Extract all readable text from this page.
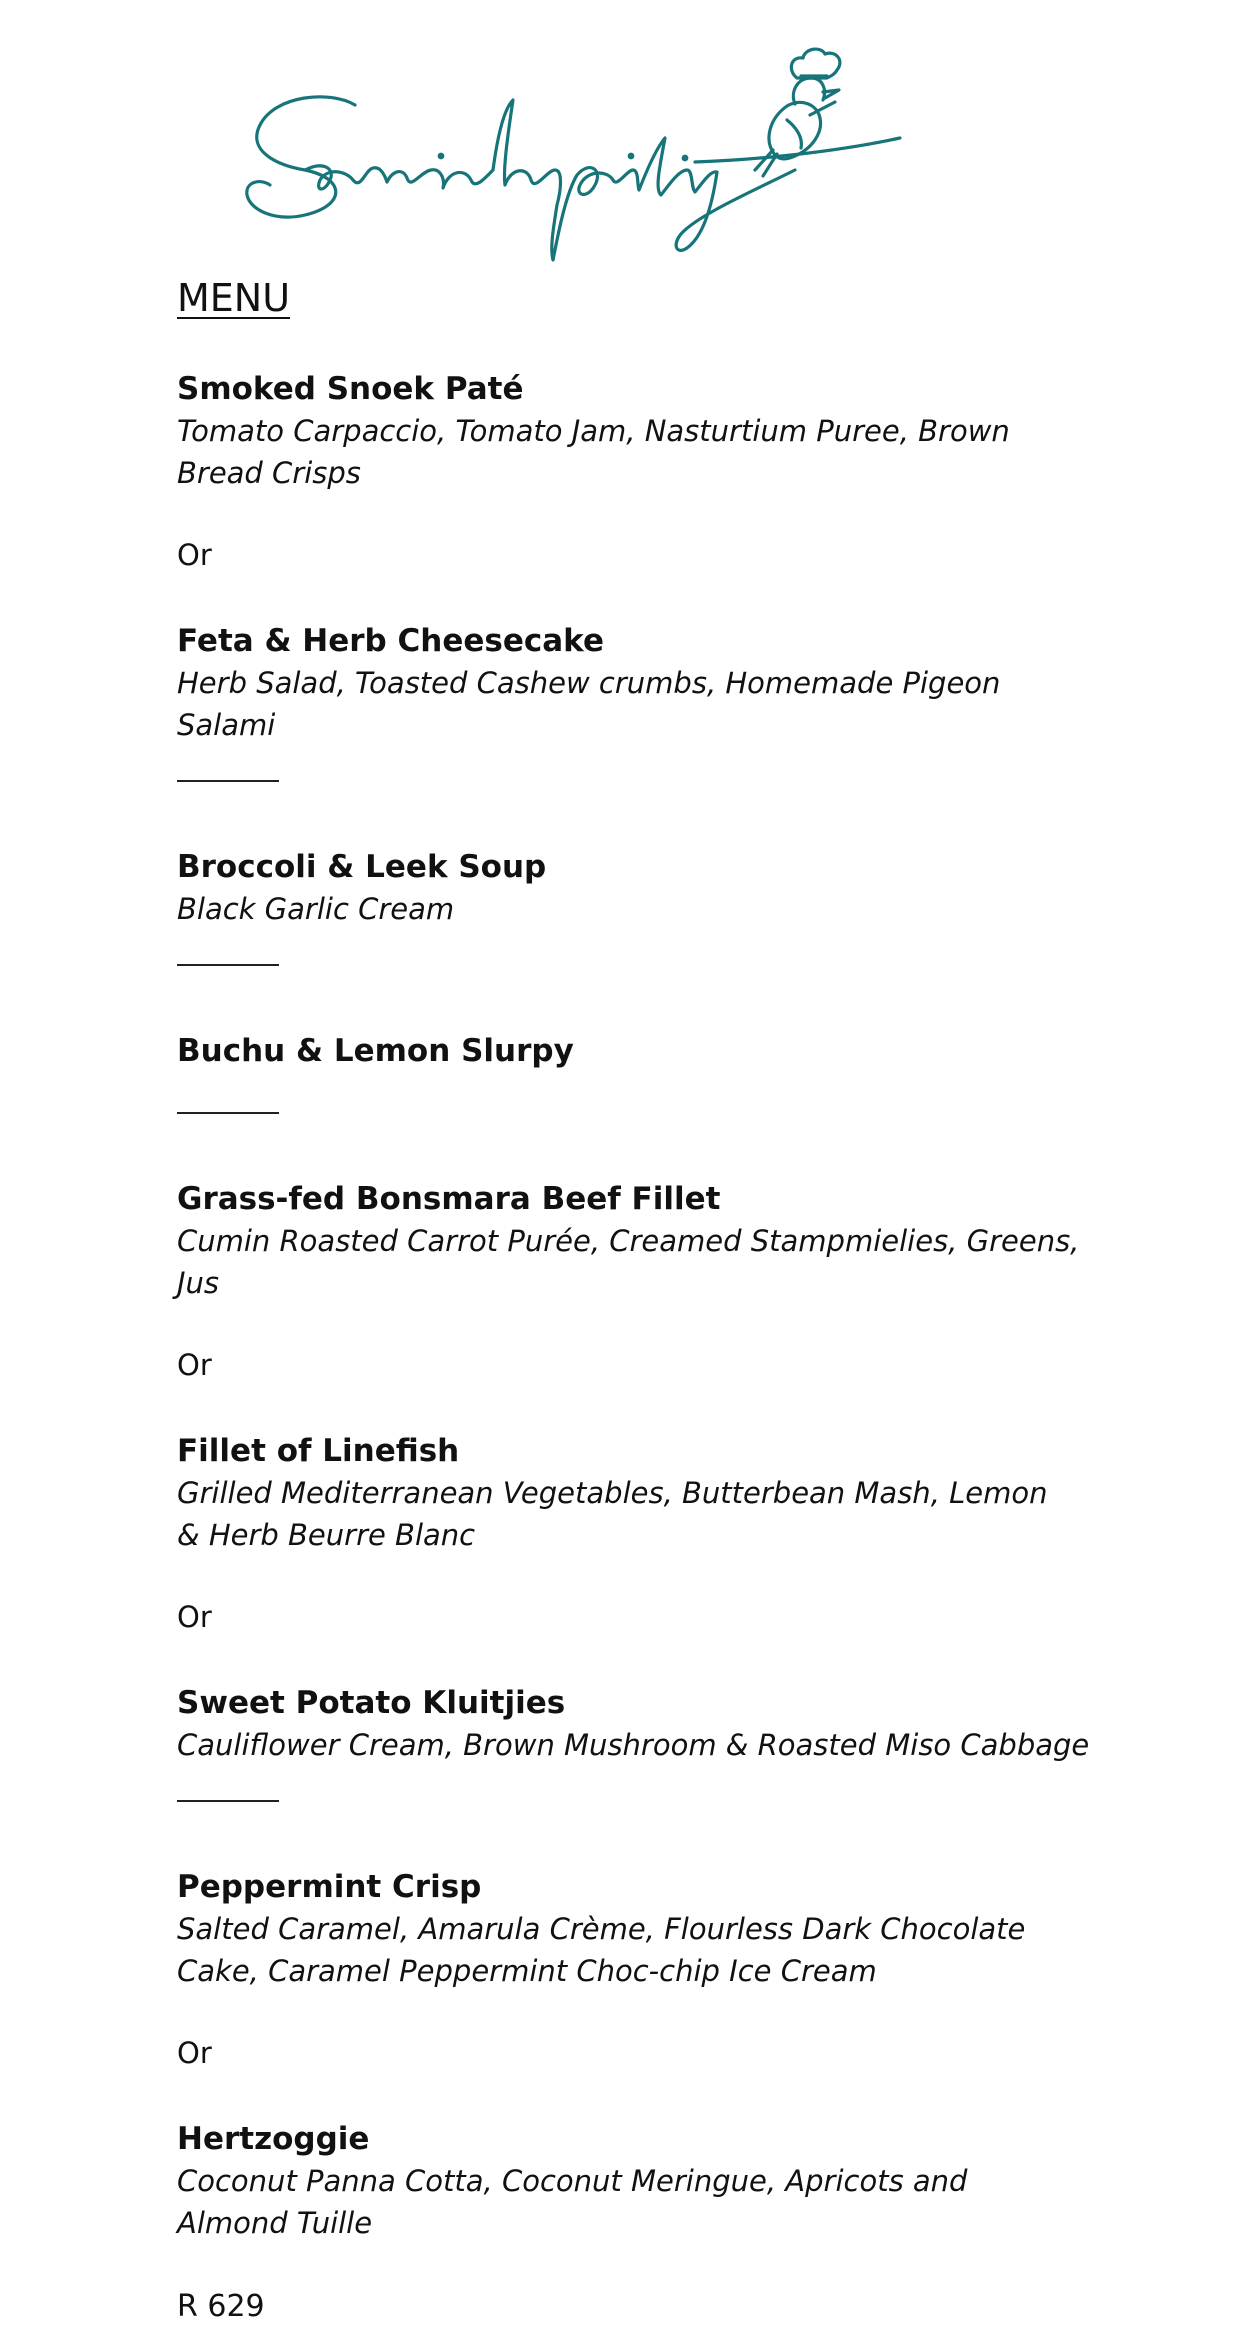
MENU

Smoked Snoek Paté

Tomato Carpaccio, Tomato Jam, Nasturtium Puree, Brown Bread Crisps

Or

Feta & Herb Cheesecake

Herb Salad, Toasted Cashew crumbs, Homemade Pigeon Salami

Broccoli & Leek Soup

Black Garlic Cream

Buchu & Lemon Slurpy

Grass-fed Bonsmara Beef Fillet

Cumin Roasted Carrot Purée, Creamed Stampmielies, Greens, Jus

Or

Fillet of Linefish

Grilled Mediterranean Vegetables, Butterbean Mash, Lemon & Herb Beurre Blanc

Or

Sweet Potato Kluitjies

Cauliflower Cream, Brown Mushroom & Roasted Miso Cabbage

Peppermint Crisp

Salted Caramel, Amarula Crème, Flourless Dark Chocolate Cake, Caramel Peppermint Choc-chip Ice Cream

Or

Hertzoggie

Coconut Panna Cotta, Coconut Meringue, Apricots and Almond Tuille

R 629
